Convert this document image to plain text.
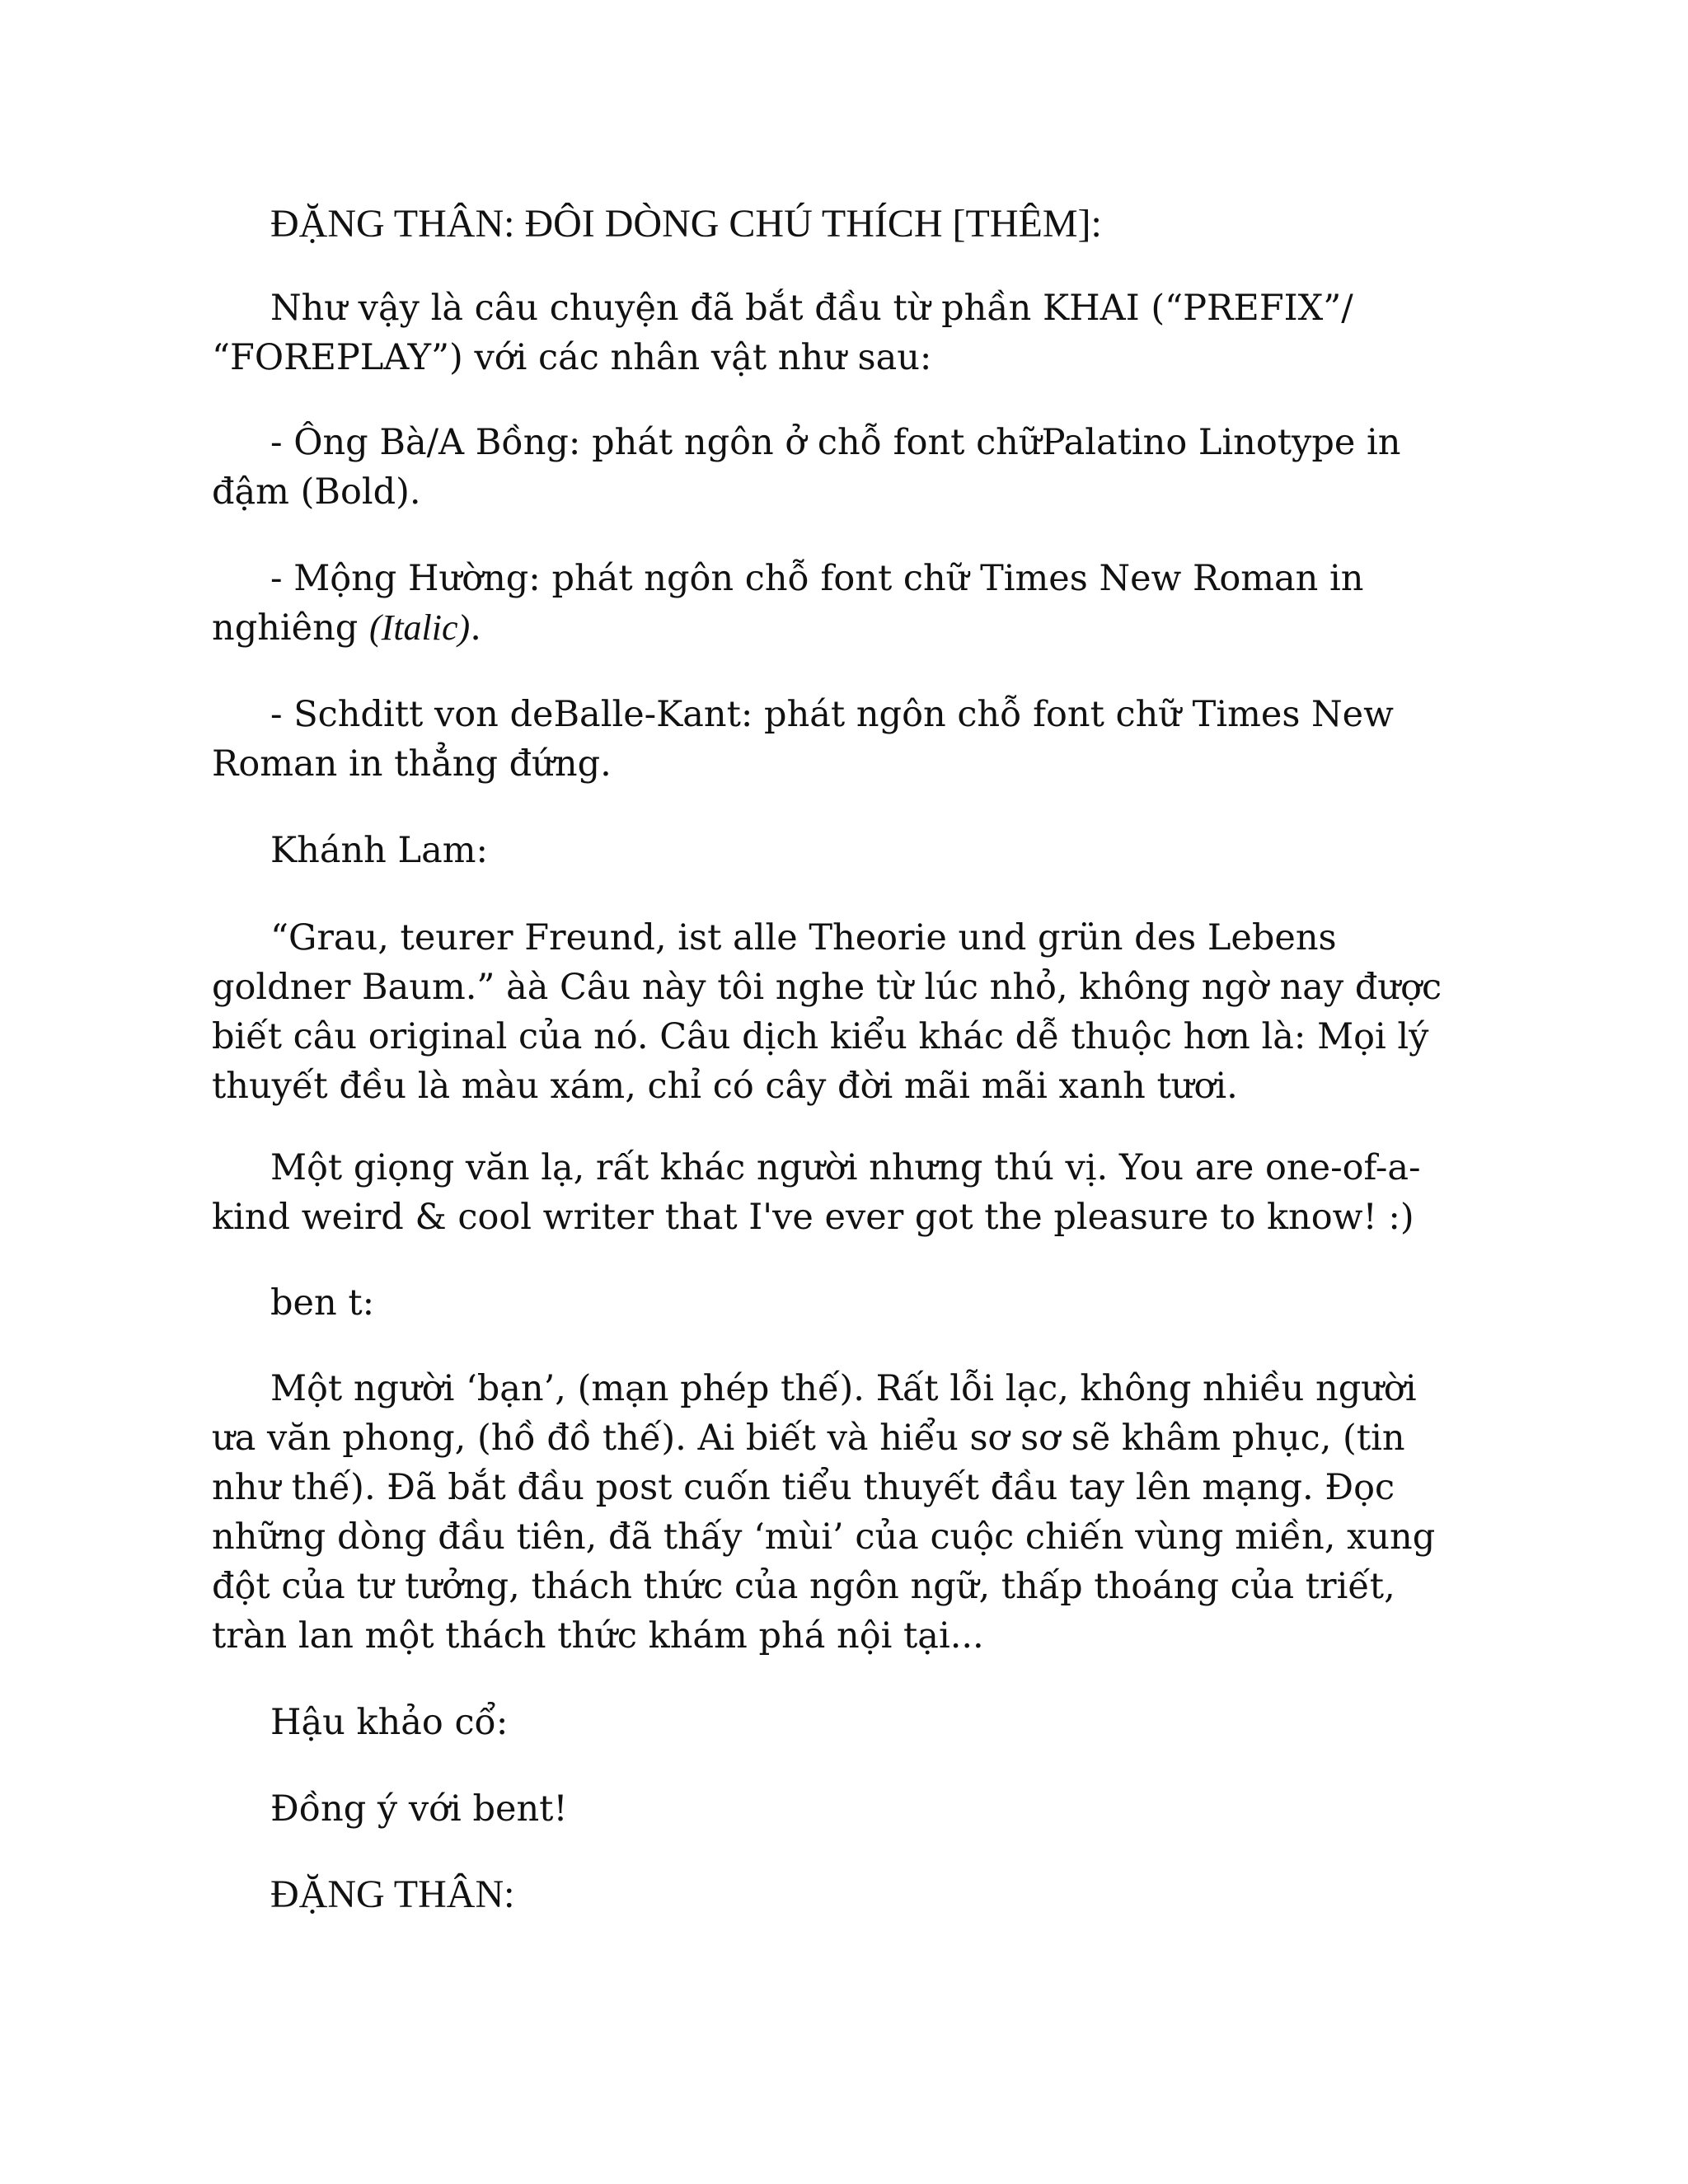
ĐẶNG THÂN: ĐÔI DÒNG CHÚ THÍCH [THÊM]:
Như vậy là câu chuyện đã bắt đầu từ phần KHAI (“PREFIX”/
“FOREPLAY”) với các nhân vật như sau:
- Ông Bà/A Bồng: phát ngôn ở chỗ font chữPalatino Linotype in
đậm (Bold).
- Mộng Hường: phát ngôn chỗ font chữ Times New Roman in
nghiêng (Italic).
- Schditt von deBalle-Kant: phát ngôn chỗ font chữ Times New
Roman in thẳng đứng.
Khánh Lam:
“Grau, teurer Freund, ist alle Theorie und grün des Lebens
goldner Baum.” àà Câu này tôi nghe từ lúc nhỏ, không ngờ nay được
biết câu original của nó. Câu dịch kiểu khác dễ thuộc hơn là: Mọi lý
thuyết đều là màu xám, chỉ có cây đời mãi mãi xanh tươi.
Một giọng văn lạ, rất khác người nhưng thú vị. You are one-of-a-
kind weird & cool writer that I've ever got the pleasure to know! :)
ben t:
Một người ‘bạn’, (mạn phép thế). Rất lỗi lạc, không nhiều người
ưa văn phong, (hồ đồ thế). Ai biết và hiểu sơ sơ sẽ khâm phục, (tin
như thế). Đã bắt đầu post cuốn tiểu thuyết đầu tay lên mạng. Đọc
những dòng đầu tiên, đã thấy ‘mùi’ của cuộc chiến vùng miền, xung
đột của tư tưởng, thách thức của ngôn ngữ, thấp thoáng của triết,
tràn lan một thách thức khám phá nội tại...
Hậu khảo cổ:
Đồng ý với bent!
ĐẶNG THÂN:
